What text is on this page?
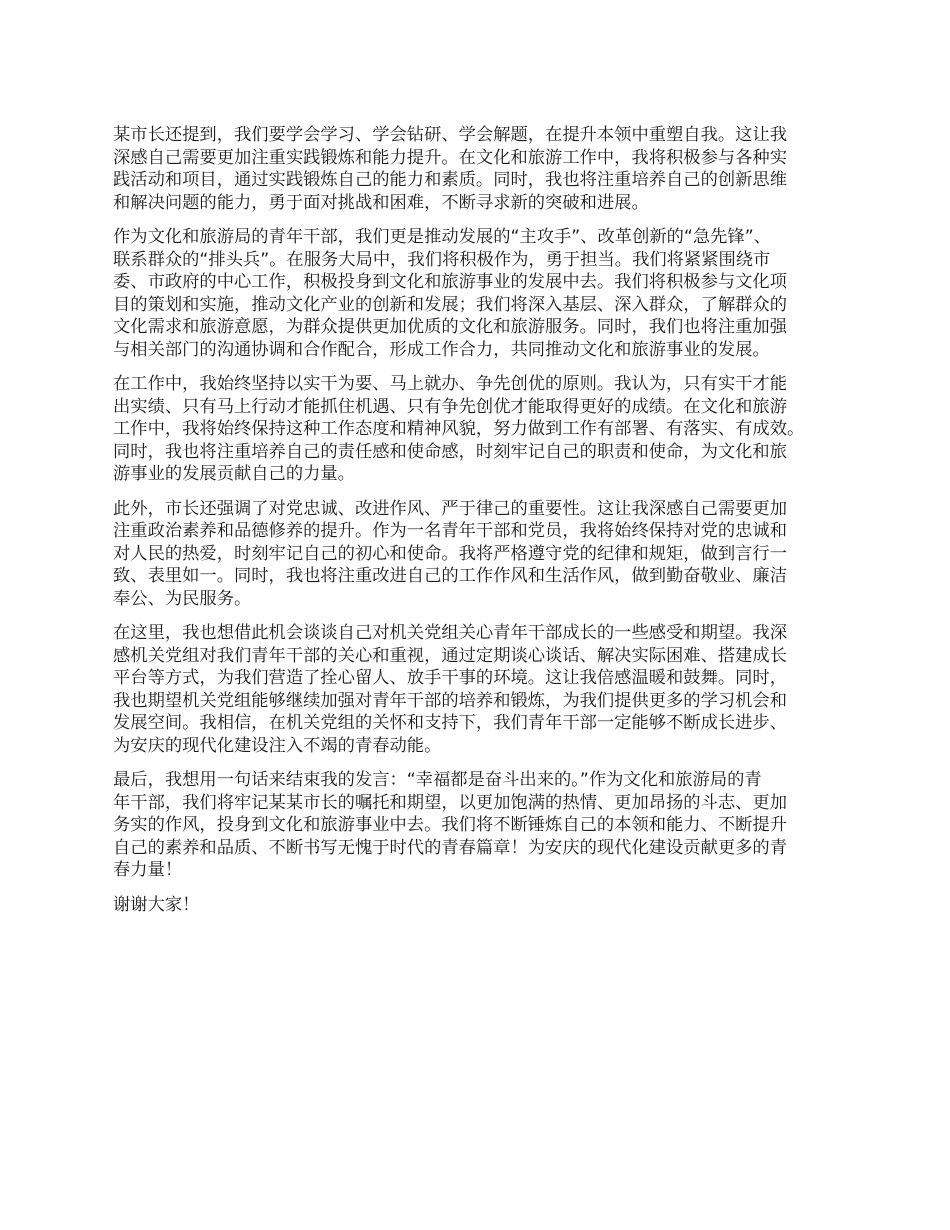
某市长还提到，我们要学会学习、学会钻研、学会解题，在提升本领中重塑自我。这让我
深感自己需要更加注重实践锻炼和能力提升。在文化和旅游工作中，我将积极参与各种实
践活动和项目，通过实践锻炼自己的能力和素质。同时，我也将注重培养自己的创新思维
和解决问题的能力，勇于面对挑战和困难，不断寻求新的突破和进展。

作为文化和旅游局的青年干部，我们更是推动发展的“主攻手”、改革创新的“急先锋”、
联系群众的“排头兵”。在服务大局中，我们将积极作为，勇于担当。我们将紧紧围绕市
委、市政府的中心工作，积极投身到文化和旅游事业的发展中去。我们将积极参与文化项
目的策划和实施，推动文化产业的创新和发展；我们将深入基层、深入群众，了解群众的
文化需求和旅游意愿，为群众提供更加优质的文化和旅游服务。同时，我们也将注重加强
与相关部门的沟通协调和合作配合，形成工作合力，共同推动文化和旅游事业的发展。

在工作中，我始终坚持以实干为要、马上就办、争先创优的原则。我认为，只有实干才能
出实绩、只有马上行动才能抓住机遇、只有争先创优才能取得更好的成绩。在文化和旅游
工作中，我将始终保持这种工作态度和精神风貌，努力做到工作有部署、有落实、有成效。
同时，我也将注重培养自己的责任感和使命感，时刻牢记自己的职责和使命，为文化和旅
游事业的发展贡献自己的力量。

此外，市长还强调了对党忠诚、改进作风、严于律己的重要性。这让我深感自己需要更加
注重政治素养和品德修养的提升。作为一名青年干部和党员，我将始终保持对党的忠诚和
对人民的热爱，时刻牢记自己的初心和使命。我将严格遵守党的纪律和规矩，做到言行一
致、表里如一。同时，我也将注重改进自己的工作作风和生活作风，做到勤奋敬业、廉洁
奉公、为民服务。

在这里，我也想借此机会谈谈自己对机关党组关心青年干部成长的一些感受和期望。我深
感机关党组对我们青年干部的关心和重视，通过定期谈心谈话、解决实际困难、搭建成长
平台等方式，为我们营造了拴心留人、放手干事的环境。这让我倍感温暖和鼓舞。同时，
我也期望机关党组能够继续加强对青年干部的培养和锻炼，为我们提供更多的学习机会和
发展空间。我相信，在机关党组的关怀和支持下，我们青年干部一定能够不断成长进步、
为安庆的现代化建设注入不竭的青春动能。

最后，我想用一句话来结束我的发言：“幸福都是奋斗出来的。”作为文化和旅游局的青
年干部，我们将牢记某某市长的嘱托和期望，以更加饱满的热情、更加昂扬的斗志、更加
务实的作风，投身到文化和旅游事业中去。我们将不断锤炼自己的本领和能力、不断提升
自己的素养和品质、不断书写无愧于时代的青春篇章！为安庆的现代化建设贡献更多的青
春力量！

谢谢大家！
